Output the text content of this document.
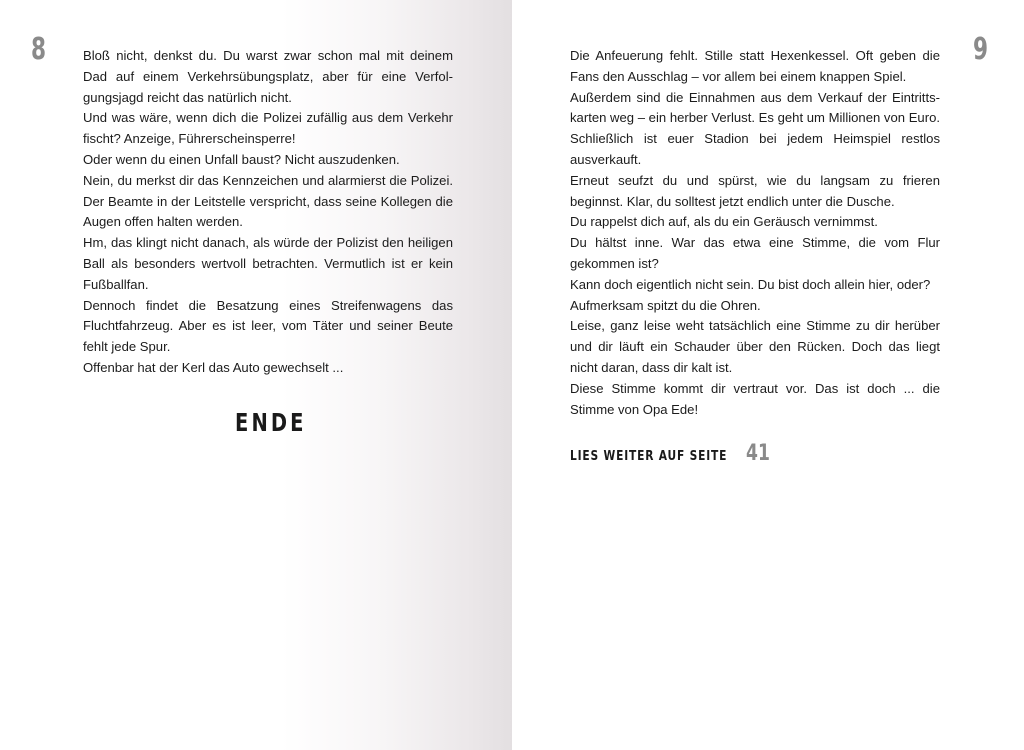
8	Bloß nicht, denkst du. Du warst zwar schon mal mit deinem Dad auf einem Verkehrsübungsplatz, aber für eine Verfolgungsjagd reicht das natürlich nicht.

Und was wäre, wenn dich die Polizei zufällig aus dem Verkehr fischt? Anzeige, Führerscheinsperre!

Oder wenn du einen Unfall baust? Nicht auszudenken.

Nein, du merkst dir das Kennzeichen und alarmierst die Polizei. Der Beamte in der Leitstelle verspricht, dass seine Kollegen die Augen offen halten werden.

Hm, das klingt nicht danach, als würde der Polizist den heiligen Ball als besonders wertvoll betrachten. Vermutlich ist er kein Fußballfan.

Dennoch findet die Besatzung eines Streifenwagens das Fluchtfahrzeug. Aber es ist leer, vom Täter und seiner Beute fehlt jede Spur.

Offenbar hat der Kerl das Auto gewechselt ...

ENDE
9

Die Anfeuerung fehlt. Stille statt Hexenkessel. Oft geben die Fans den Ausschlag – vor allem bei einem knappen Spiel.

Außerdem sind die Einnahmen aus dem Verkauf der Eintrittskarten weg – ein herber Verlust. Es geht um Millionen von Euro. Schließlich ist euer Stadion bei jedem Heimspiel restlos ausverkauft.

Erneut seufzt du und spürst, wie du langsam zu frieren beginnst. Klar, du solltest jetzt endlich unter die Dusche.

Du rappelst dich auf, als du ein Geräusch vernimmst.

Du hältst inne. War das etwa eine Stimme, die vom Flur gekommen ist?

Kann doch eigentlich nicht sein. Du bist doch allein hier, oder?

Aufmerksam spitzt du die Ohren.

Leise, ganz leise weht tatsächlich eine Stimme zu dir herüber und dir läuft ein Schauder über den Rücken. Doch das liegt nicht daran, dass dir kalt ist.

Diese Stimme kommt dir vertraut vor. Das ist doch ... die Stimme von Opa Ede!

LIES WEITER AUF SEITE 41
